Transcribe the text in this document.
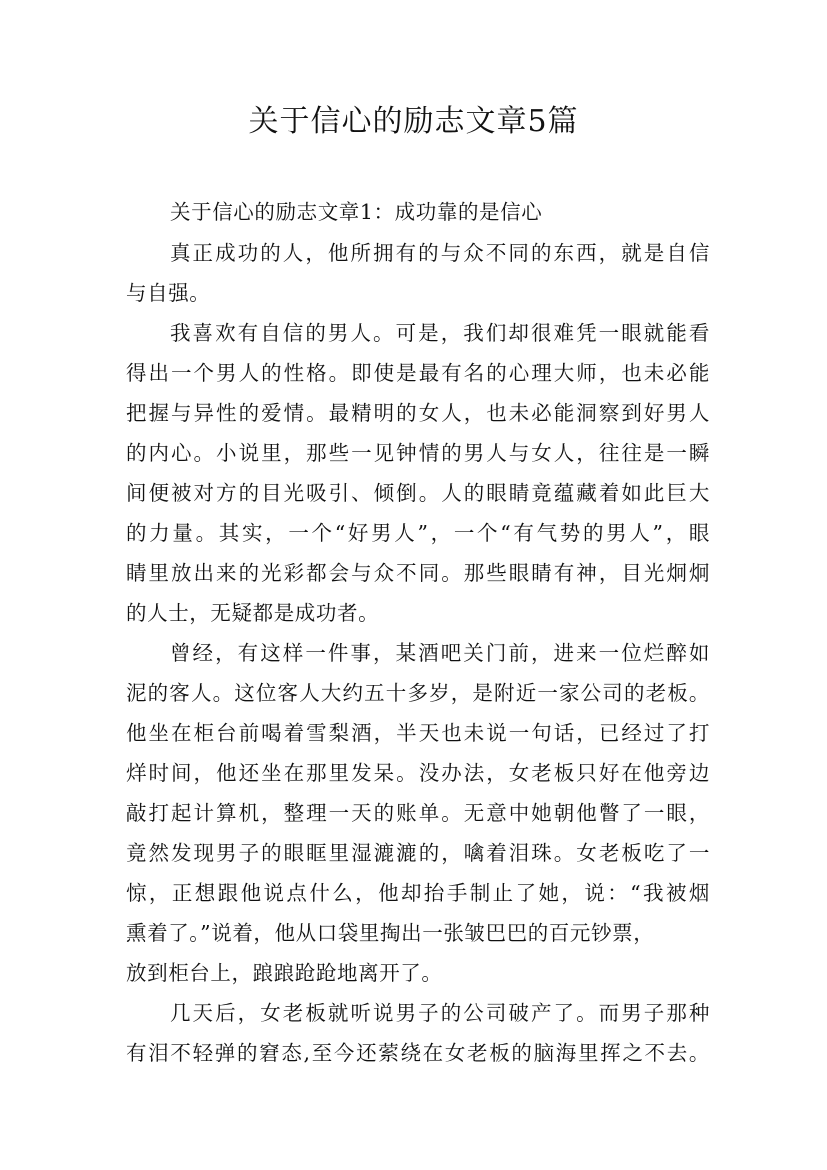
关于信心的励志文章5篇
关于信心的励志文章1：成功靠的是信心
真正成功的人，他所拥有的与众不同的东西，就是自信
与自强。
我喜欢有自信的男人。可是，我们却很难凭一眼就能看
得出一个男人的性格。即使是最有名的心理大师，也未必能
把握与异性的爱情。最精明的女人，也未必能洞察到好男人
的内心。小说里，那些一见钟情的男人与女人，往往是一瞬
间便被对方的目光吸引、倾倒。人的眼睛竟蕴藏着如此巨大
的力量。其实，一个“好男人”，一个“有气势的男人”，眼
睛里放出来的光彩都会与众不同。那些眼睛有神，目光炯炯
的人士，无疑都是成功者。
曾经，有这样一件事，某酒吧关门前，进来一位烂醉如
泥的客人。这位客人大约五十多岁，是附近一家公司的老板。
他坐在柜台前喝着雪梨酒，半天也未说一句话，已经过了打
烊时间，他还坐在那里发呆。没办法，女老板只好在他旁边
敲打起计算机，整理一天的账单。无意中她朝他瞥了一眼，
竟然发现男子的眼眶里湿漉漉的，噙着泪珠。女老板吃了一
惊，正想跟他说点什么，他却抬手制止了她，说：“我被烟
熏着了。”说着，他从口袋里掏出一张皱巴巴的百元钞票，
放到柜台上，踉踉跄跄地离开了。
几天后，女老板就听说男子的公司破产了。而男子那种
有泪不轻弹的窘态,至今还萦绕在女老板的脑海里挥之不去。
